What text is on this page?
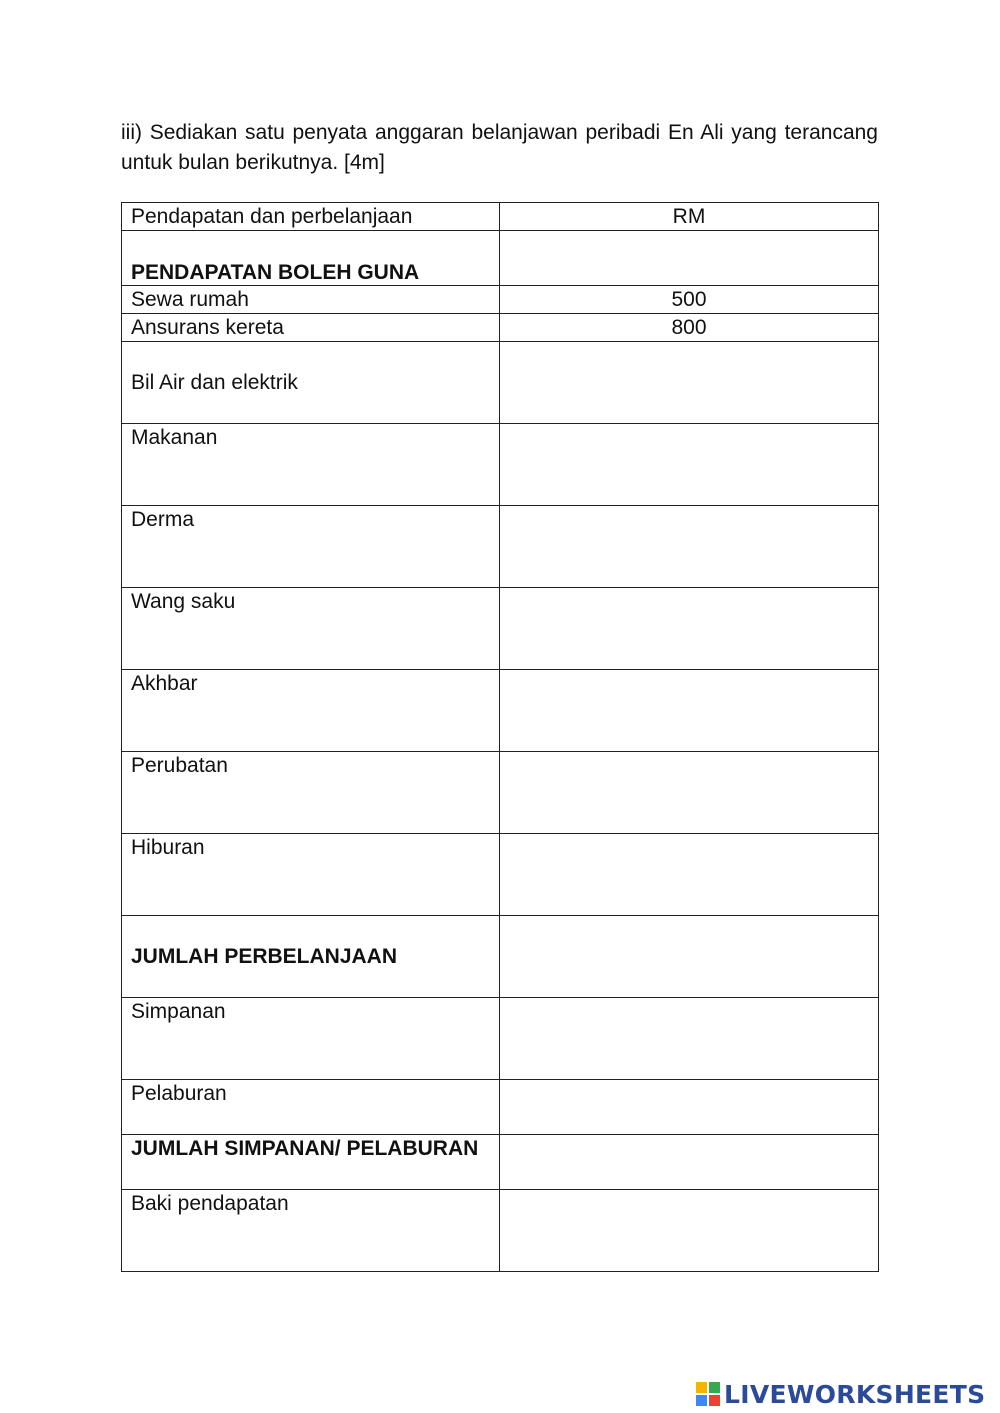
iii) Sediakan satu penyata anggaran belanjawan peribadi En Ali yang terancang untuk bulan berikutnya. [4m]
Pendapatan dan perbelanjaan	RM
PENDAPATAN BOLEH GUNA	
Sewa rumah	500
Ansurans kereta	800
Bil Air dan elektrik	
Makanan	
Derma	
Wang saku	
Akhbar	
Perubatan	
Hiburan	
JUMLAH PERBELANJAAN	
Simpanan	
Pelaburan	
JUMLAH SIMPANAN/ PELABURAN	
Baki pendapatan	
LIVEWORKSHEETS
